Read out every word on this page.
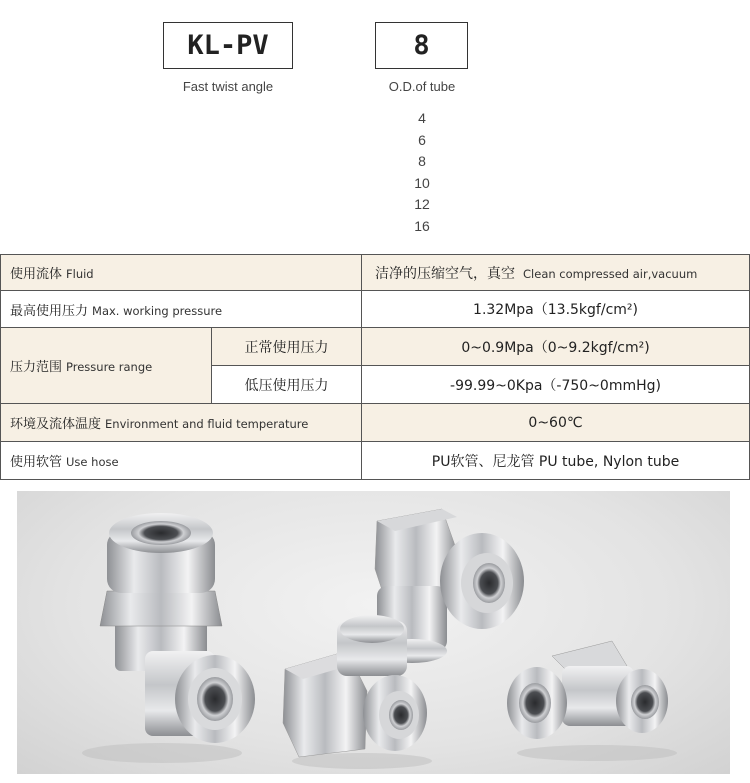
KL-PV
Fast twist angle
8
O.D.of tube
4
6
8
10
12
16
使用流体 Fluid		洁净的压缩空气，真空 Clean compressed air,vacuum
最高使用压力 Max. working pressure		1.32Mpa（13.5kgf/cm²)
压力范围 Pressure range	正常使用压力	0~0.9Mpa（0~9.2kgf/cm²)
	低压使用压力	-99.99~0Kpa（-750~0mmHg)
环境及流体温度 Environment and fluid temperature		0~60℃
使用软管 Use hose		PU软管、尼龙管 PU tube, Nylon tube
